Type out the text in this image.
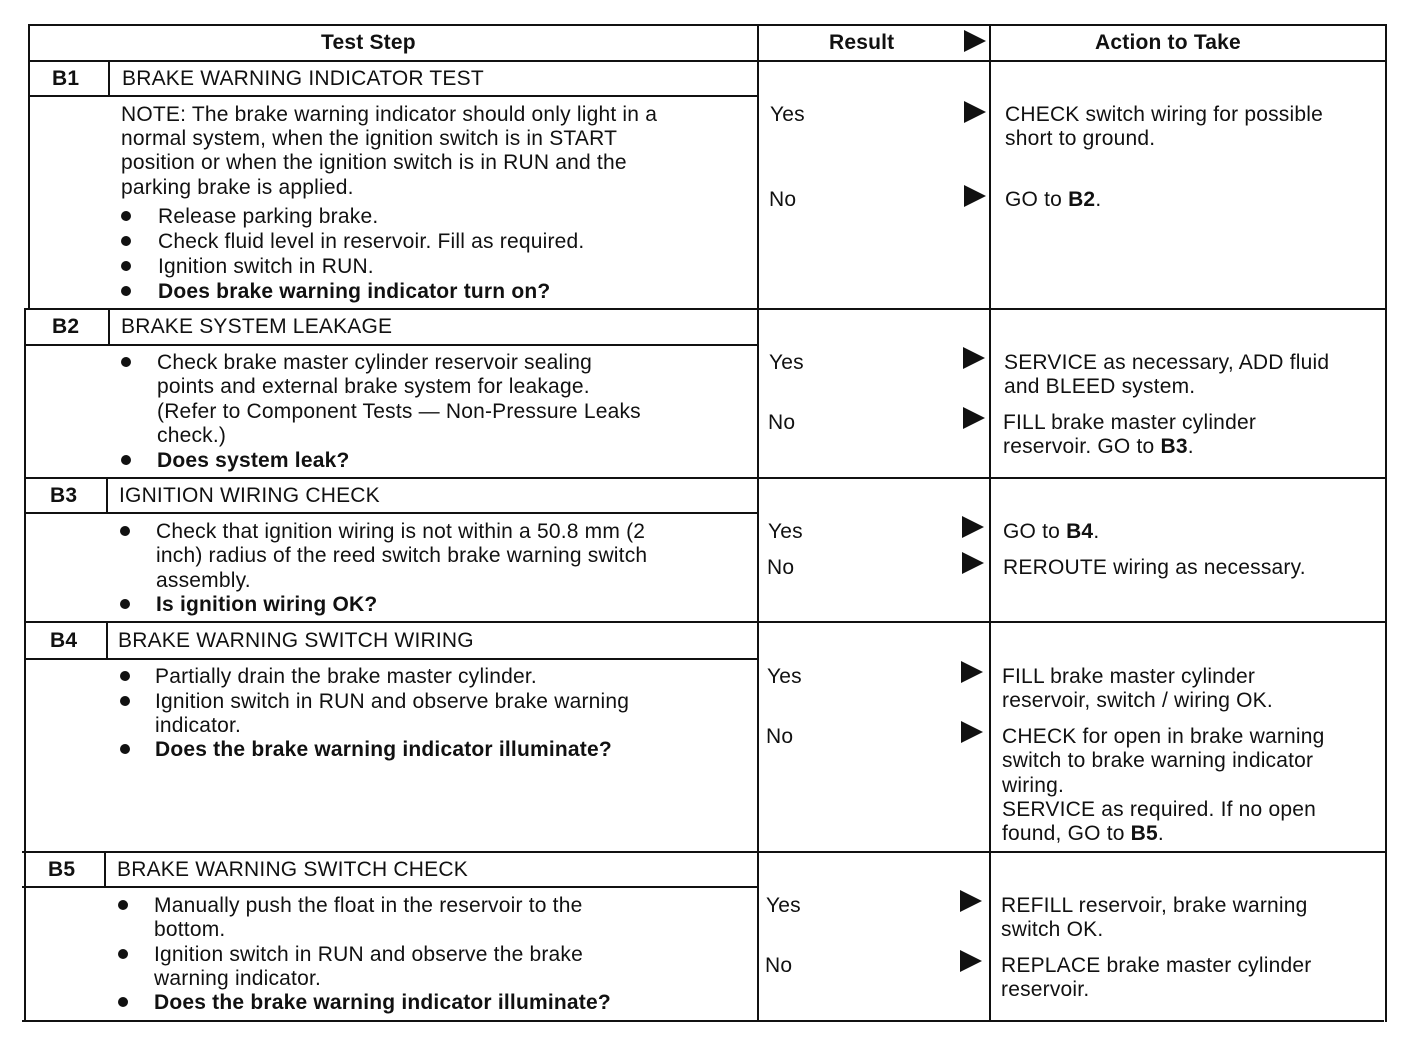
Test Step	Result	Action to Take
B1 BRAKE WARNING INDICATOR TEST
NOTE: The brake warning indicator should only light in a
normal system, when the ignition switch is in START
position or when the ignition switch is in RUN and the
parking brake is applied.
Release parking brake.
Check fluid level in reservoir. Fill as required.
Ignition switch in RUN.
Does brake warning indicator turn on?
Yes	CHECK switch wiring for possible
short to ground.
No	GO to B2.
B2 BRAKE SYSTEM LEAKAGE
Check brake master cylinder reservoir sealing
points and external brake system for leakage.
(Refer to Component Tests — Non-Pressure Leaks
check.)
Does system leak?
Yes	SERVICE as necessary, ADD fluid
and BLEED system.
No	FILL brake master cylinder
reservoir. GO to B3.
B3 IGNITION WIRING CHECK
Check that ignition wiring is not within a 50.8 mm (2
inch) radius of the reed switch brake warning switch
assembly.
Is ignition wiring OK?
Yes	GO to B4.
No	REROUTE wiring as necessary.
B4 BRAKE WARNING SWITCH WIRING
Partially drain the brake master cylinder.
Ignition switch in RUN and observe brake warning
indicator.
Does the brake warning indicator illuminate?
Yes	FILL brake master cylinder
reservoir, switch / wiring OK.
No	CHECK for open in brake warning
switch to brake warning indicator
wiring.
SERVICE as required. If no open
found, GO to B5.
B5 BRAKE WARNING SWITCH CHECK
Manually push the float in the reservoir to the
bottom.
Ignition switch in RUN and observe the brake
warning indicator.
Does the brake warning indicator illuminate?
Yes	REFILL reservoir, brake warning
switch OK.
No	REPLACE brake master cylinder
reservoir.
